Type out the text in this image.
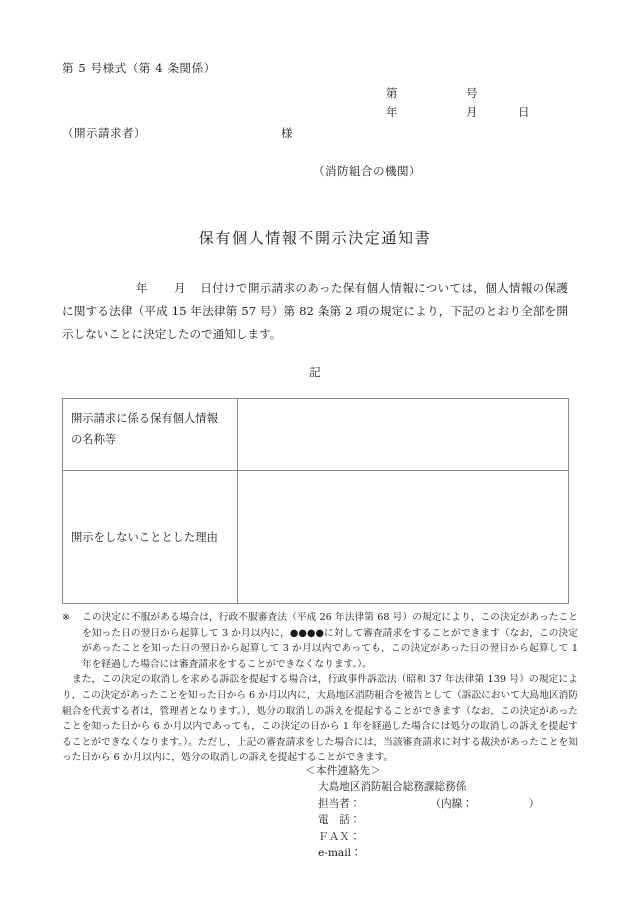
第 5 号様式（第 4 条関係）
第	号
年	月	日
（開示請求者）	様
（消防組合の機関）
保有個人情報不開示決定通知書
年 月 日付けで開示請求のあった保有個人情報については，個人情報の保護に関する法律（平成 15 年法律第 57 号）第 82 条第 2 項の規定により，下記のとおり全部を開示しないことに決定したので通知します。
記
開示請求に係る保有個人情報の名称等	
開示をしないこととした理由	

※ この決定に不服がある場合は，行政不服審査法（平成 26 年法律第 68 号）の規定により，この決定があったことを知った日の翌日から起算して 3 か月以内に，●●●●に対して審査請求をすることができます（なお，この決定があったことを知った日の翌日から起算して 3 か月以内であっても，この決定があった日の翌日から起算して 1 年を経過した場合には審査請求をすることができなくなります。）。

また，この決定の取消しを求める訴訟を提起する場合は，行政事件訴訟法（昭和 37 年法律第 139 号）の規定により，この決定があったことを知った日から 6 か月以内に，大島地区消防組合を被告として（訴訟において大島地区消防組合を代表する者は，管理者となります。），処分の取消しの訴えを提起することができます（なお，この決定があったことを知った日から 6 か月以内であっても，この決定の日から 1 年を経過した場合には処分の取消しの訴えを提起することができなくなります。）。ただし，上記の審査請求をした場合には，当該審査請求に対する裁決があったことを知った日から 6 か月以内に，処分の取消しの訴えを提起することができます。

＜本件連絡先＞
大島地区消防組合総務課総務係
担当者：	（内線：	）
電　話：
ＦＡＸ：
e-mail：
